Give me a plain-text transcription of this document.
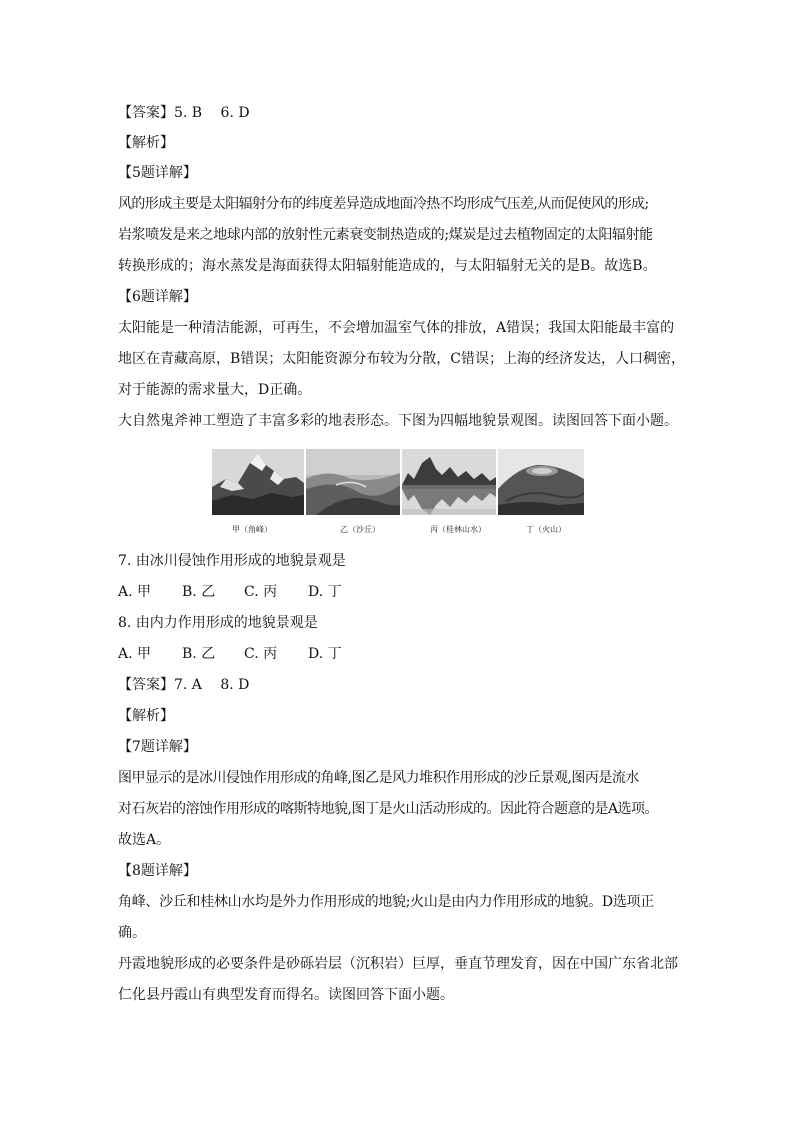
【答案】5. B　 6. D
【解析】
【5题详解】
风的形成主要是太阳辐射分布的纬度差异造成地面冷热不均形成气压差,从而促使风的形成;
岩浆喷发是来之地球内部的放射性元素衰变制热造成的;煤炭是过去植物固定的太阳辐射能
转换形成的；海水蒸发是海面获得太阳辐射能造成的，与太阳辐射无关的是B。故选B。
【6题详解】
太阳能是一种清洁能源，可再生，不会增加温室气体的排放，A错误；我国太阳能最丰富的
地区在青藏高原，B错误；太阳能资源分布较为分散，C错误；上海的经济发达，人口稠密，
对于能源的需求量大，D正确。
大自然鬼斧神工塑造了丰富多彩的地表形态。下图为四幅地貌景观图。读图回答下面小题。
甲（角峰）	乙（沙丘）	丙（桂林山水）	丁（火山）
7. 由冰川侵蚀作用形成的地貌景观是
A. 甲 B. 乙 C. 丙 D. 丁
8. 由内力作用形成的地貌景观是
A. 甲 B. 乙 C. 丙 D. 丁
【答案】7. A　 8. D
【解析】
【7题详解】
图甲显示的是冰川侵蚀作用形成的角峰,图乙是风力堆积作用形成的沙丘景观,图丙是流水
对石灰岩的溶蚀作用形成的喀斯特地貌,图丁是火山活动形成的。因此符合题意的是A选项。
故选A。
【8题详解】
角峰、沙丘和桂林山水均是外力作用形成的地貌;火山是由内力作用形成的地貌。D选项正
确。
丹霞地貌形成的必要条件是砂砾岩层（沉积岩）巨厚，垂直节理发育，因在中国广东省北部
仁化县丹霞山有典型发育而得名。读图回答下面小题。
